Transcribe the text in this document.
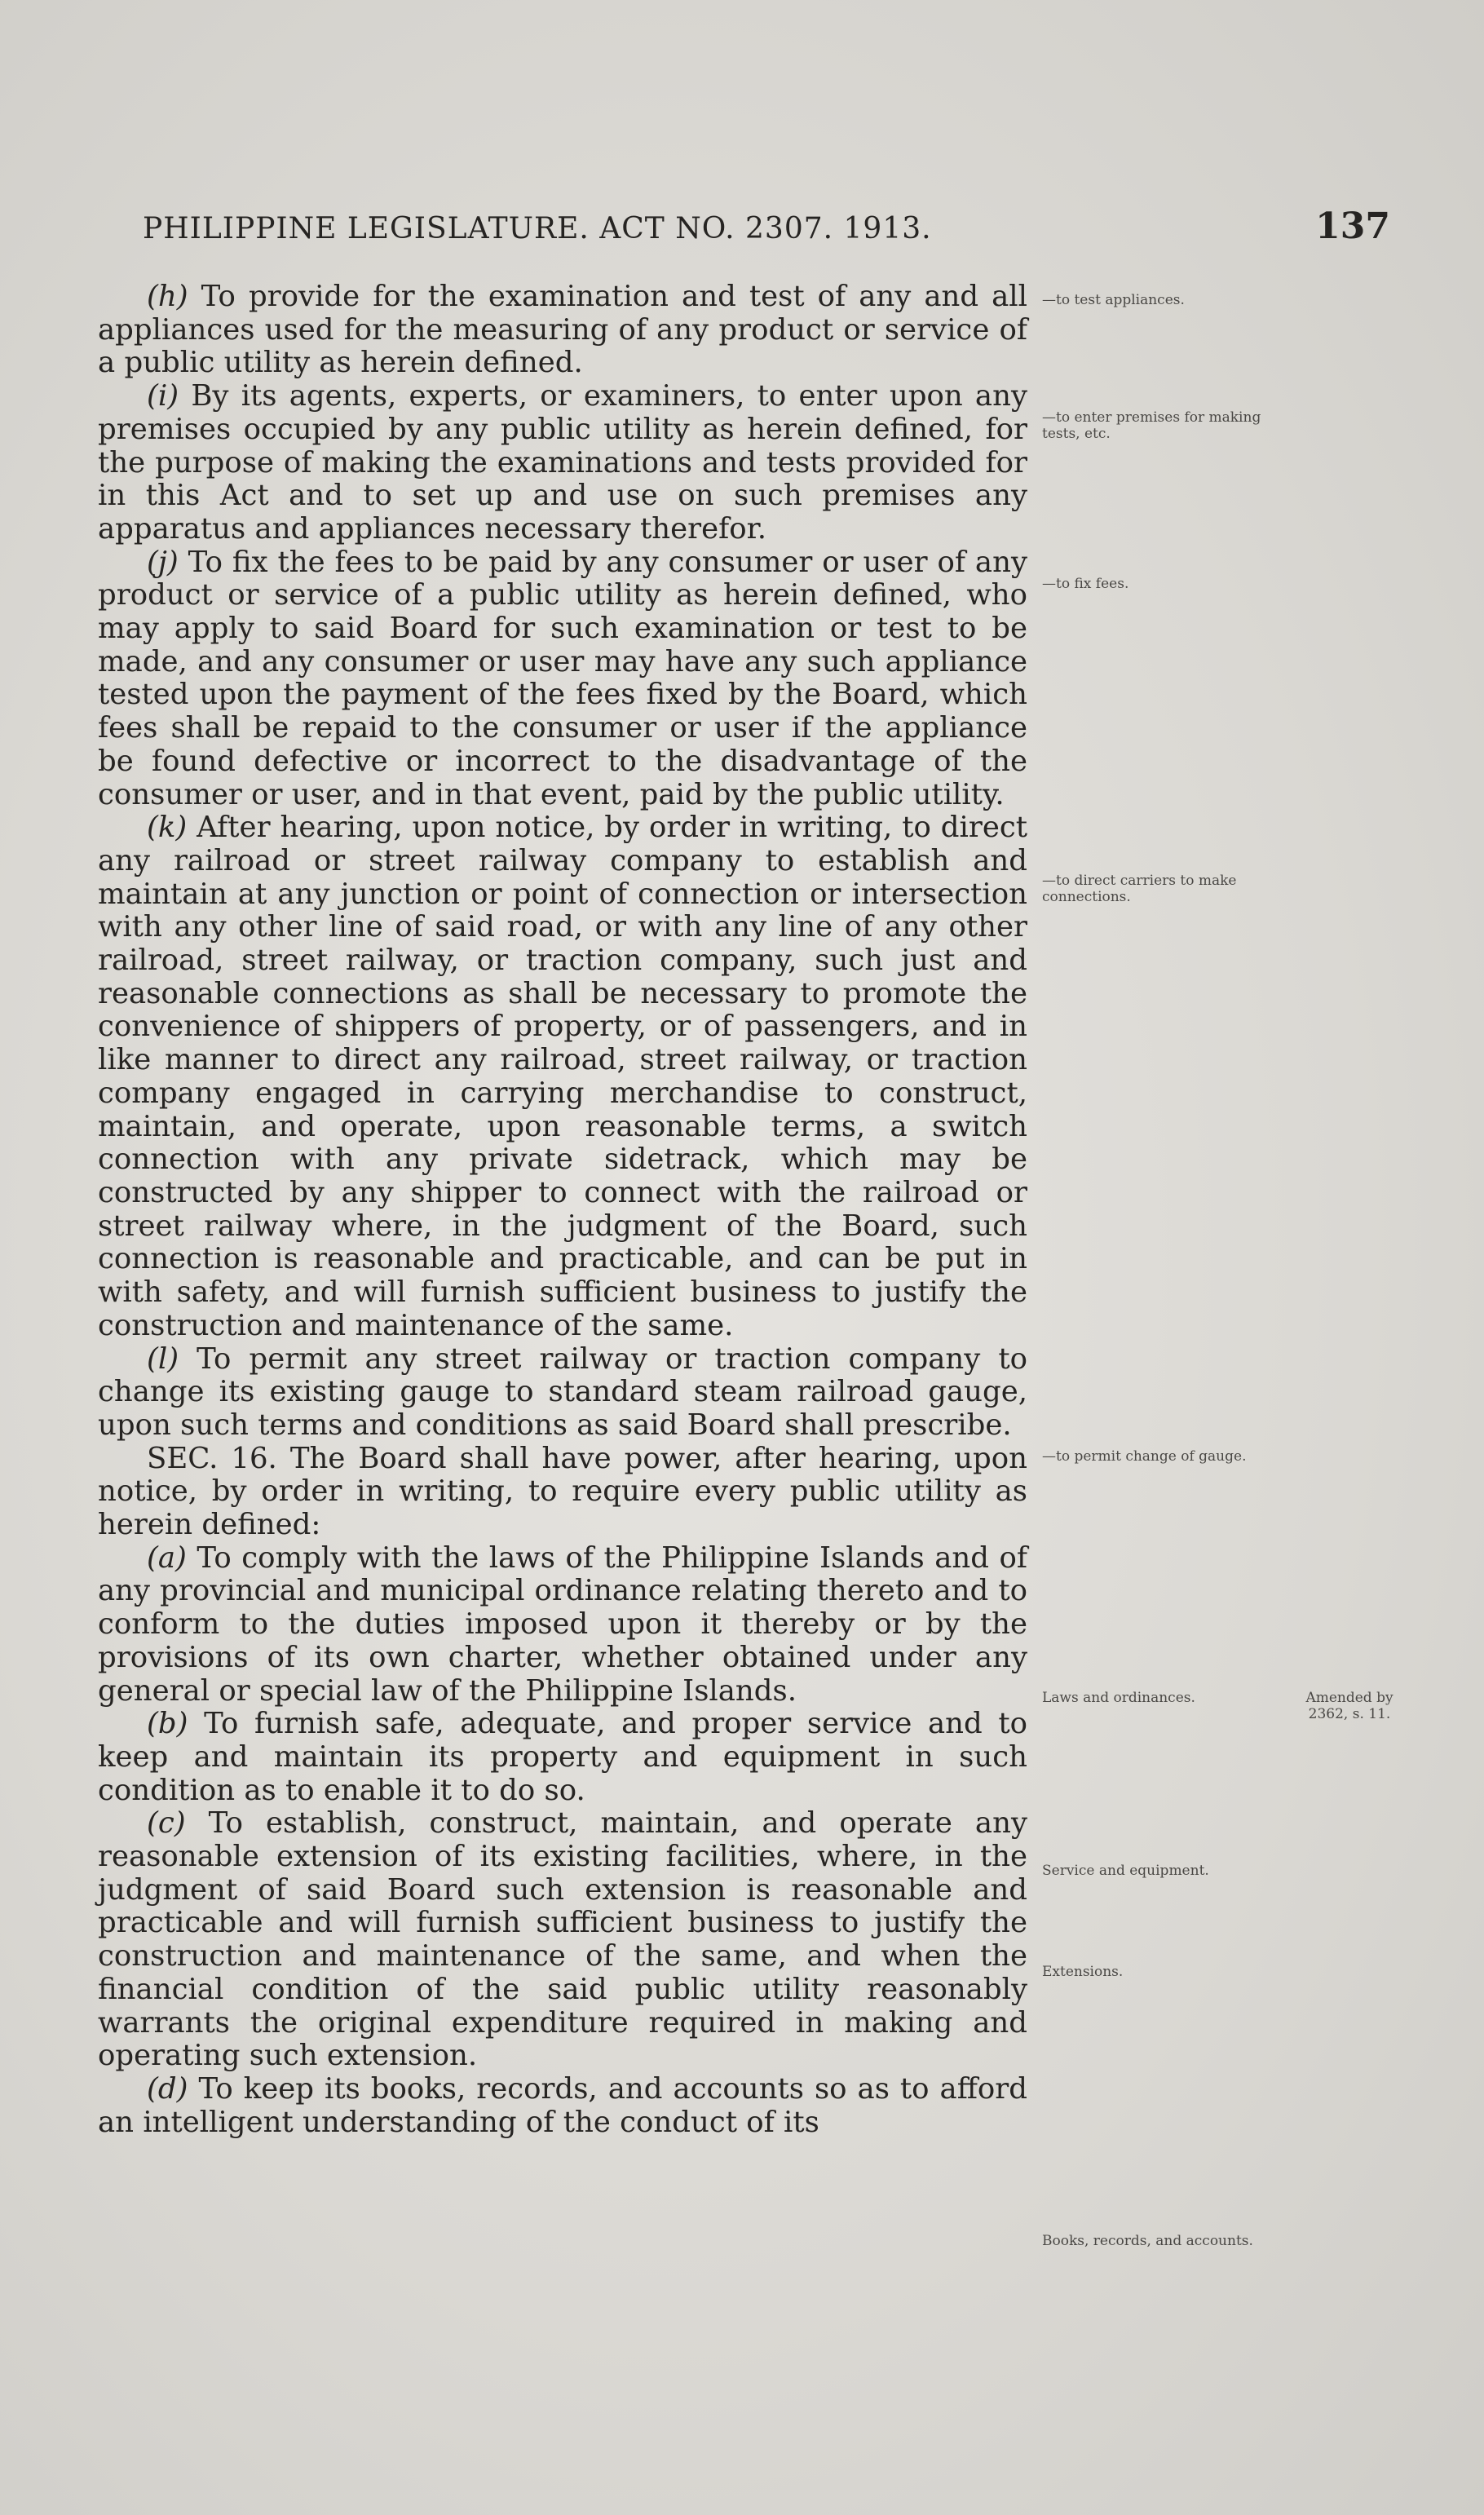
PHILIPPINE LEGISLATURE. ACT NO. 2307. 1913.	137

(h) To provide for the examination and test of any and all appliances used for the measuring of any product or service of a public utility as herein defined.

(i) By its agents, experts, or examiners, to enter upon any premises occupied by any public utility as herein defined, for the purpose of making the examinations and tests provided for in this Act and to set up and use on such premises any apparatus and appliances necessary therefor.

(j) To fix the fees to be paid by any consumer or user of any product or service of a public utility as herein defined, who may apply to said Board for such examination or test to be made, and any consumer or user may have any such appliance tested upon the payment of the fees fixed by the Board, which fees shall be repaid to the consumer or user if the appliance be found defective or incorrect to the disadvantage of the consumer or user, and in that event, paid by the public utility.

(k) After hearing, upon notice, by order in writing, to direct any railroad or street railway company to establish and maintain at any junction or point of connection or intersection with any other line of said road, or with any line of any other railroad, street railway, or traction company, such just and reasonable connections as shall be necessary to promote the convenience of shippers of property, or of passengers, and in like manner to direct any railroad, street railway, or traction company engaged in carrying merchandise to construct, maintain, and operate, upon reasonable terms, a switch connection with any private sidetrack, which may be constructed by any shipper to connect with the railroad or street railway where, in the judgment of the Board, such connection is reasonable and practicable, and can be put in with safety, and will furnish sufficient business to justify the construction and maintenance of the same.

(l) To permit any street railway or traction company to change its existing gauge to standard steam railroad gauge, upon such terms and conditions as said Board shall prescribe.

SEC. 16. The Board shall have power, after hearing, upon notice, by order in writing, to require every public utility as herein defined:

(a) To comply with the laws of the Philippine Islands and of any provincial and municipal ordinance relating thereto and to conform to the duties imposed upon it thereby or by the provisions of its own charter, whether obtained under any general or special law of the Philippine Islands.

(b) To furnish safe, adequate, and proper service and to keep and maintain its property and equipment in such condition as to enable it to do so.

(c) To establish, construct, maintain, and operate any reasonable extension of its existing facilities, where, in the judgment of said Board such extension is reasonable and practicable and will furnish sufficient business to justify the construction and maintenance of the same, and when the financial condition of the said public utility reasonably warrants the original expenditure required in making and operating such extension.

(d) To keep its books, records, and accounts so as to afford an intelligent understanding of the conduct of its

—to test appliances.
—to enter premises for making tests, etc.
—to fix fees.
—to direct carriers to make connections.
—to permit change of gauge.
Laws and ordinances.	Amended by 2362, s. 11.
Service and equipment.
Extensions.
Books, records, and accounts.
